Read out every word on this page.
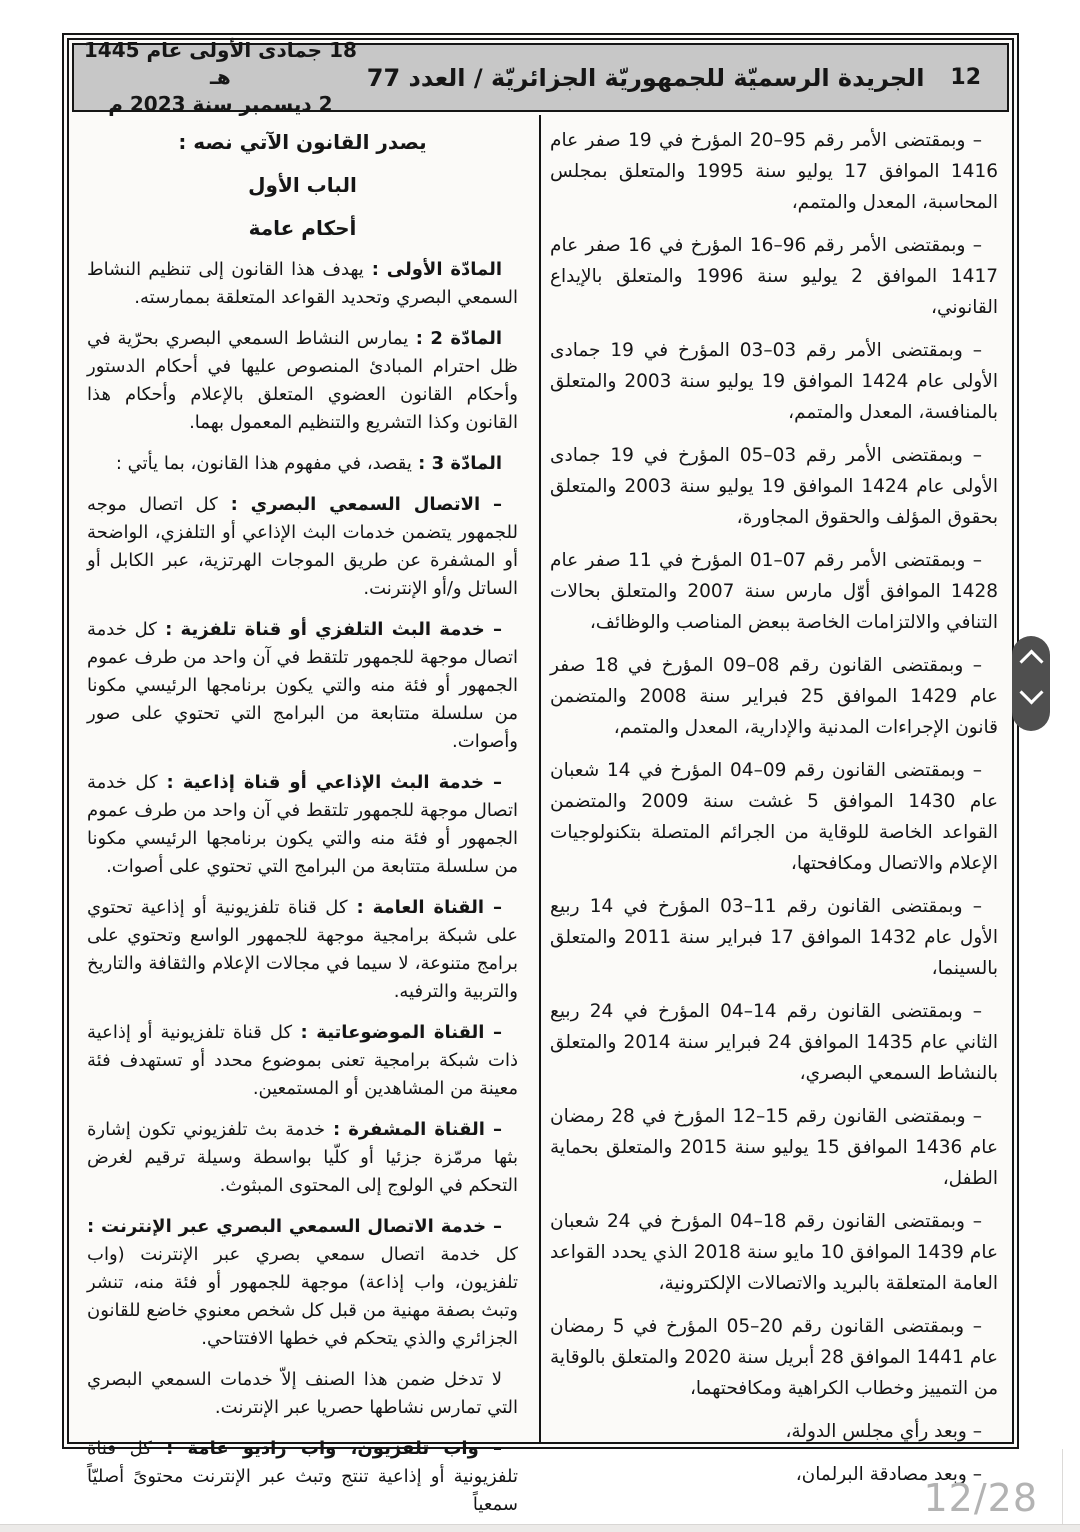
12
الجريدة الرسميّة للجمهوريّة الجزائريّة / العدد 77
18 جمادى الأولى عام 1445 هـ
2 ديسمبر سنة 2023 م

– وبمقتضى الأمر رقم 95–20 المؤرخ في 19 صفر عام 1416 الموافق 17 يوليو سنة 1995 والمتعلق بمجلس المحاسبة، المعدل والمتمم،

– وبمقتضى الأمر رقم 96–16 المؤرخ في 16 صفر عام 1417 الموافق 2 يوليو سنة 1996 والمتعلق بالإيداع القانوني،

– وبمقتضى الأمر رقم 03–03 المؤرخ في 19 جمادى الأولى عام 1424 الموافق 19 يوليو سنة 2003 والمتعلق بالمنافسة، المعدل والمتمم،

– وبمقتضى الأمر رقم 03–05 المؤرخ في 19 جمادى الأولى عام 1424 الموافق 19 يوليو سنة 2003 والمتعلق بحقوق المؤلف والحقوق المجاورة،

– وبمقتضى الأمر رقم 07–01 المؤرخ في 11 صفر عام 1428 الموافق أوّل مارس سنة 2007 والمتعلق بحالات التنافي والالتزامات الخاصة ببعض المناصب والوظائف،

– وبمقتضى القانون رقم 08–09 المؤرخ في 18 صفر عام 1429 الموافق 25 فبراير سنة 2008 والمتضمن قانون الإجراءات المدنية والإدارية، المعدل والمتمم،

– وبمقتضى القانون رقم 09–04 المؤرخ في 14 شعبان عام 1430 الموافق 5 غشت سنة 2009 والمتضمن القواعد الخاصة للوقاية من الجرائم المتصلة بتكنولوجيات الإعلام والاتصال ومكافحتها،

– وبمقتضى القانون رقم 11–03 المؤرخ في 14 ربيع الأول عام 1432 الموافق 17 فبراير سنة 2011 والمتعلق بالسينما،

– وبمقتضى القانون رقم 14–04 المؤرخ في 24 ربيع الثاني عام 1435 الموافق 24 فبراير سنة 2014 والمتعلق بالنشاط السمعي البصري،

– وبمقتضى القانون رقم 15–12 المؤرخ في 28 رمضان عام 1436 الموافق 15 يوليو سنة 2015 والمتعلق بحماية الطفل،

– وبمقتضى القانون رقم 18–04 المؤرخ في 24 شعبان عام 1439 الموافق 10 مايو سنة 2018 الذي يحدد القواعد العامة المتعلقة بالبريد والاتصالات الإلكترونية،

– وبمقتضى القانون رقم 20–05 المؤرخ في 5 رمضان عام 1441 الموافق 28 أبريل سنة 2020 والمتعلق بالوقاية من التمييز وخطاب الكراهية ومكافحتهما،

– وبعد رأي مجلس الدولة،

– وبعد مصادقة البرلمان،

يصدر القانون الآتي نصه :

الباب الأول

أحكام عامة

المادّة الأولى : يهدف هذا القانون إلى تنظيم النشاط السمعي البصري وتحديد القواعد المتعلقة بممارسته.

المادّة 2 : يمارس النشاط السمعي البصري بحرّية في ظل احترام المبادئ المنصوص عليها في أحكام الدستور وأحكام القانون العضوي المتعلق بالإعلام وأحكام هذا القانون وكذا التشريع والتنظيم المعمول بهما.

المادّة 3 : يقصد، في مفهوم هذا القانون، بما يأتي :

– الاتصال السمعي البصري : كل اتصال موجه للجمهور يتضمن خدمات البث الإذاعي أو التلفزي، الواضحة أو المشفرة عن طريق الموجات الهرتزية، عبر الكابل أو الساتل و/أو الإنترنت.

– خدمة البث التلفزي أو قناة تلفزية : كل خدمة اتصال موجهة للجمهور تلتقط في آن واحد من طرف عموم الجمهور أو فئة منه والتي يكون برنامجها الرئيسي مكونا من سلسلة متتابعة من البرامج التي تحتوي على صور وأصوات.

– خدمة البث الإذاعي أو قناة إذاعية : كل خدمة اتصال موجهة للجمهور تلتقط في آن واحد من طرف عموم الجمهور أو فئة منه والتي يكون برنامجها الرئيسي مكونا من سلسلة متتابعة من البرامج التي تحتوي على أصوات.

– القناة العامة : كل قناة تلفزيونية أو إذاعية تحتوي على شبكة برامجية موجهة للجمهور الواسع وتحتوي على برامج متنوعة، لا سيما في مجالات الإعلام والثقافة والتاريخ والتربية والترفيه.

– القناة الموضوعاتية : كل قناة تلفزيونية أو إذاعية ذات شبكة برامجية تعنى بموضوع محدد أو تستهدف فئة معينة من المشاهدين أو المستمعين.

– القناة المشفرة : خدمة بث تلفزيوني تكون إشارة بثها مرمّزة جزئيا أو كلّيا بواسطة وسيلة ترقيم لغرض التحكم في الولوج إلى المحتوى المبثوث.

– خدمة الاتصال السمعي البصري عبر الإنترنت : كل خدمة اتصال سمعي بصري عبر الإنترنت (واب تلفزيون، واب إذاعة) موجهة للجمهور أو فئة منه، تنشر وتبث بصفة مهنية من قبل كل شخص معنوي خاضع للقانون الجزائري والذي يتحكم في خطها الافتتاحي.

لا تدخل ضمن هذا الصنف إلاّ خدمات السمعي البصري التي تمارس نشاطها حصريا عبر الإنترنت.

– واب تلفزيون، واب راديو عامة : كل قناة تلفزيونية أو إذاعية تنتج وتبث عبر الإنترنت محتوىً أصليّاً سمعياً	12/28
